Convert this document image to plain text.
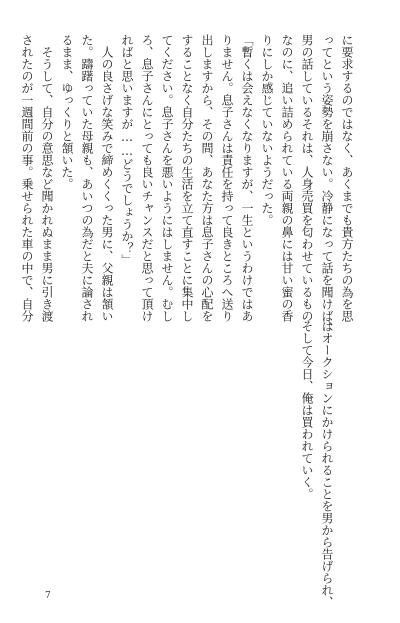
に要求するのではなく、あくまでも貴方たちの為を思
ってという姿勢を崩さない。冷静になって話を聞けば、
男の話しているそれは、人身売買を匂わせているもの
なのに、追い詰められている両親の鼻には甘い蜜の香
りにしか感じていないようだった。
「暫くは会えなくなりますが、一生というわけではあ
りません。息子さんは責任を持って良きところへ送り
出しますから、その間、あなた方は息子さんの心配を
することなく自分たちの生活を立て直すことに集中し
てください。息子さんを悪いようにはしません。むし
ろ、息子さんにとっても良いチャンスだと思って頂け
ればと思いますが……どうでしょうか？」
　人の良さげな笑みで締めくくった男に、父親は頷い
た。躊躇っていた母親も、あいつの為だと夫に論され
るまま、ゆっくりと頷いた。
　そうして、自分の意思など聞かれぬまま男に引き渡
されたのが一週間前の事。乗せられた車の中で、自分
はオークションにかけられることを男から告げられ、
そして今日、俺は買われていく。
7
